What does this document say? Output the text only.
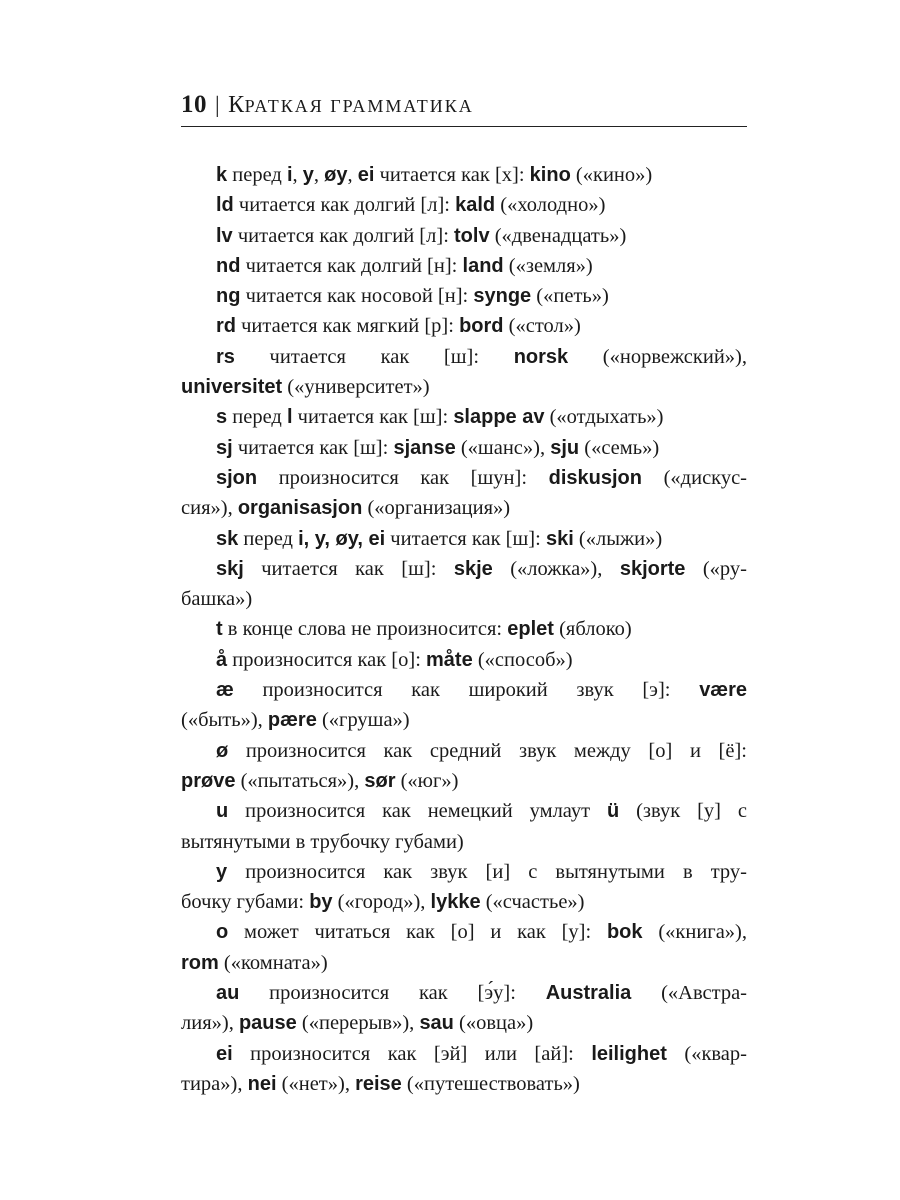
10 | КРАТКАЯ ГРАММАТИКА
k перед i, y, øy, ei читается как [х]: kino («кино»)
ld читается как долгий [л]: kald («холодно»)
lv читается как долгий [л]: tolv («двенадцать»)
nd читается как долгий [н]: land («земля»)
ng читается как носовой [н]: synge («петь»)
rd читается как мягкий [р]: bord («стол»)
rs читается как [ш]: norsk («норвежский»),
universitet («университет»)
s перед l читается как [ш]: slappe av («отдыхать»)
sj читается как [ш]: sjanse («шанс»), sju («семь»)
sjon произносится как [шун]: diskusjon («дискус-
сия»), organisasjon («организация»)
sk перед i, y, øy, ei читается как [ш]: ski («лыжи»)
skj читается как [ш]: skje («ложка»), skjorte («ру-
башка»)
t в конце слова не произносится: eplet (яблоко)
å произносится как [о]: måte («способ»)
æ произносится как широкий звук [э]: være
(«быть»), pære («груша»)
ø произносится как средний звук между [о] и [ё]:
prøve («пытаться»), sør («юг»)
u произносится как немецкий умлаут ü (звук [у] с
вытянутыми в трубочку губами)
y произносится как звук [и] с вытянутыми в тру-
бочку губами: by («город»), lykke («счастье»)
o может читаться как [о] и как [у]: bok («книга»),
rom («комната»)
au произносится как [э́у]: Australia («Австра-
лия»), pause («перерыв»), sau («овца»)
ei произносится как [эй] или [ай]: leilighet («квар-
тира»), nei («нет»), reise («путешествовать»)
